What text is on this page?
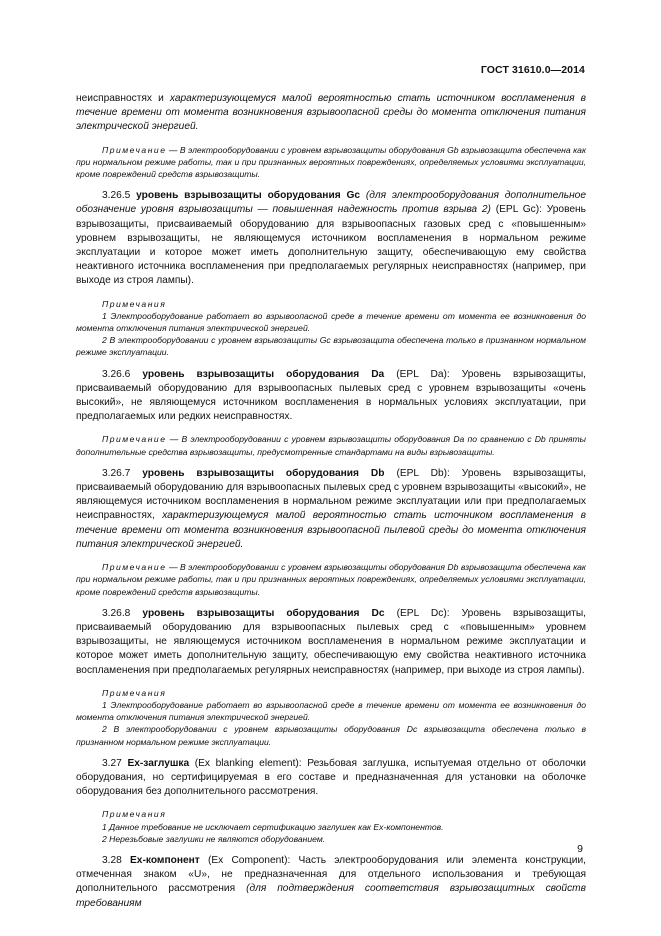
ГОСТ 31610.0—2014

неисправностях и характеризующемуся малой вероятностью стать источником воспламенения в течение времени от момента возникновения взрывоопасной среды до момента отключения питания электрической энергией.

Примечание — В электрооборудовании с уровнем взрывозащиты оборудования Gb взрывозащита обеспечена как при нормальном режиме работы, так и при признанных вероятных повреждениях, определяемых условиями эксплуатации, кроме повреждений средств взрывозащиты.

3.26.5 уровень взрывозащиты оборудования Gc (для электрооборудования дополнительное обозначение уровня взрывозащиты — повышенная надежность против взрыва 2) (EPL Gc): Уровень взрывозащиты, присваиваемый оборудованию для взрывоопасных газовых сред с «повышенным» уровнем взрывозащиты, не являющемуся источником воспламенения в нормальном режиме эксплуатации и которое может иметь дополнительную защиту, обеспечивающую ему свойства неактивного источника воспламенения при предполагаемых регулярных неисправностях (например, при выходе из строя лампы).

Примечания

1 Электрооборудование работает во взрывоопасной среде в течение времени от момента ее возникновения до момента отключения питания электрической энергией.

2 В электрооборудовании с уровнем взрывозащиты Gc взрывозащита обеспечена только в признанном нормальном режиме эксплуатации.

3.26.6 уровень взрывозащиты оборудования Da (EPL Da): Уровень взрывозащиты, присваиваемый оборудованию для взрывоопасных пылевых сред с уровнем взрывозащиты «очень высокий», не являющемуся источником воспламенения в нормальных условиях эксплуатации, при предполагаемых или редких неисправностях.

Примечание — В электрооборудовании с уровнем взрывозащиты оборудования Da по сравнению с Db приняты дополнительные средства взрывозащиты, предусмотренные стандартами на виды взрывозащиты.

3.26.7 уровень взрывозащиты оборудования Db (EPL Db): Уровень взрывозащиты, присваиваемый оборудованию для взрывоопасных пылевых сред с уровнем взрывозащиты «высокий», не являющемуся источником воспламенения в нормальном режиме эксплуатации или при предполагаемых неисправностях, характеризующемуся малой вероятностью стать источником воспламенения в течение времени от момента возникновения взрывоопасной пылевой среды до момента отключения питания электрической энергией.

Примечание — В электрооборудовании с уровнем взрывозащиты оборудования Db взрывозащита обеспечена как при нормальном режиме работы, так и при признанных вероятных повреждениях, определяемых условиями эксплуатации, кроме повреждений средств взрывозащиты.

3.26.8 уровень взрывозащиты оборудования Dc (EPL Dc): Уровень взрывозащиты, присваиваемый оборудованию для взрывоопасных пылевых сред с «повышенным» уровнем взрывозащиты, не являющемуся источником воспламенения в нормальном режиме эксплуатации и которое может иметь дополнительную защиту, обеспечивающую ему свойства неактивного источника воспламенения при предполагаемых регулярных неисправностях (например, при выходе из строя лампы).

Примечания

1 Электрооборудование работает во взрывоопасной среде в течение времени от момента ее возникновения до момента отключения питания электрической энергией.

2 В электрооборудовании с уровнем взрывозащиты оборудования Dc взрывозащита обеспечена только в признанном нормальном режиме эксплуатации.

3.27 Ex-заглушка (Ex blanking element): Резьбовая заглушка, испытуемая отдельно от оболочки оборудования, но сертифицируемая в его составе и предназначенная для установки на оболочке оборудования без дополнительного рассмотрения.

Примечания

1 Данное требование не исключает сертификацию заглушек как Ex-компонентов.

2 Нерезьбовые заглушки не являются оборудованием.

3.28 Ex-компонент (Ex Component): Часть электрооборудования или элемента конструкции, отмеченная знаком «U», не предназначенная для отдельного использования и требующая дополнительного рассмотрения (для подтверждения соответствия взрывозащитных свойств требованиям

9
